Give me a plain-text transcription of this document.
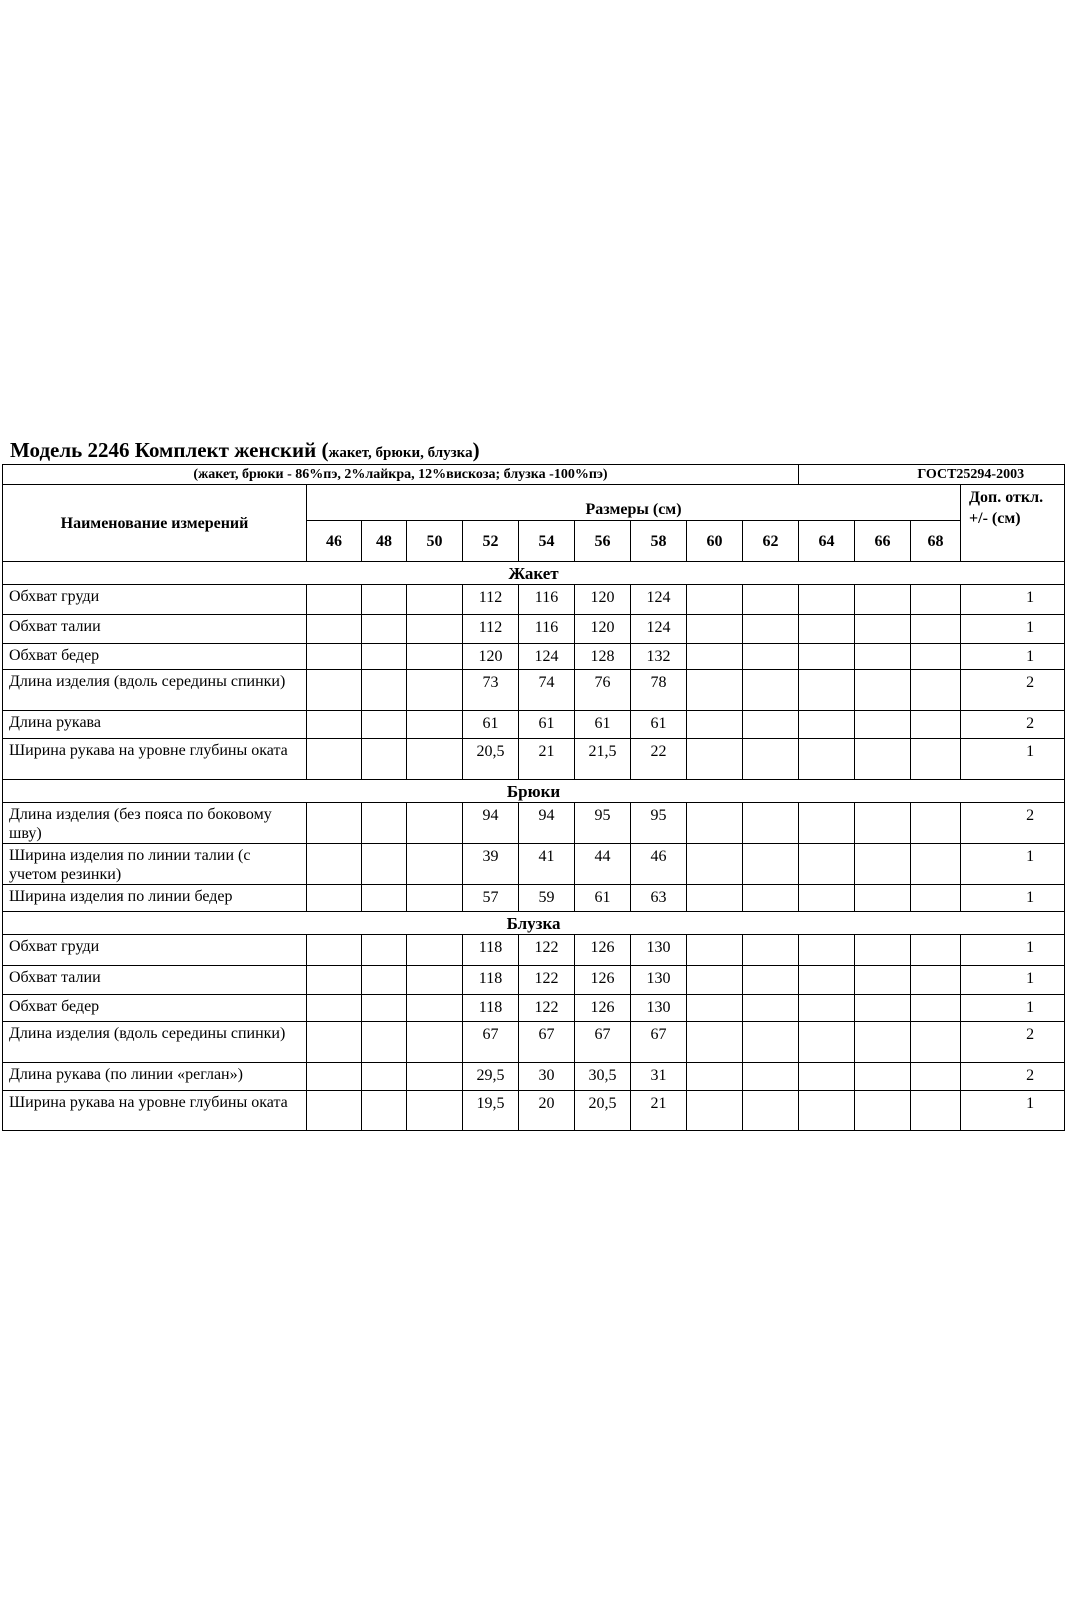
Модель 2246 Комплект женский (жакет, брюки, блузка)
(жакет, брюки - 86%пэ, 2%лайкра, 12%вискоза; блузка -100%пэ)										ГОСТ25294-2003			
Наименование измерений	Размеры (см)												Доп. откл. +/- (см)
	46	48	50	52	54	56	58	60	62	64	66	68	
Жакет													
Обхват груди				112	116	120	124						1
Обхват талии				112	116	120	124						1
Обхват бедер				120	124	128	132						1
Длина изделия (вдоль середины спинки)				73	74	76	78						2
Длина рукава				61	61	61	61						2
Ширина рукава на уровне глубины оката				20,5	21	21,5	22						1
Брюки													
Длина изделия (без пояса по боковому шву)				94	94	95	95						2
Ширина изделия по линии талии (с учетом резинки)				39	41	44	46						1
Ширина изделия по линии бедер				57	59	61	63						1
Блузка													
Обхват груди				118	122	126	130						1
Обхват талии				118	122	126	130						1
Обхват бедер				118	122	126	130						1
Длина изделия (вдоль середины спинки)				67	67	67	67						2
Длина рукава (по линии «реглан»)				29,5	30	30,5	31						2
Ширина рукава на уровне глубины оката				19,5	20	20,5	21						1
